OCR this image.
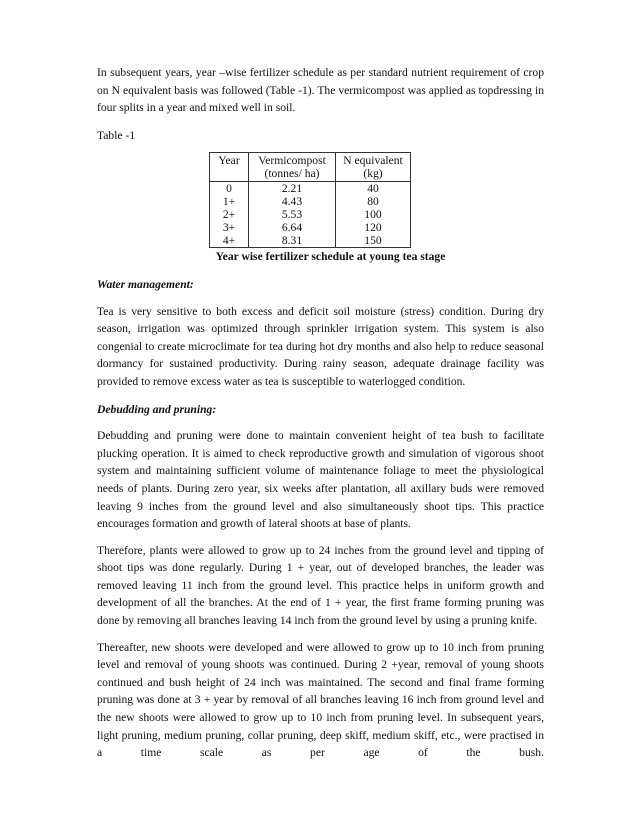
In subsequent years, year –wise fertilizer schedule as per standard nutrient requirement of crop on N equivalent basis was followed (Table -1). The vermicompost was applied as topdressing in four splits in a year and mixed well in soil.

Table -1

Year	Vermicompost (tonnes/ ha)	N equivalent (kg)
0	2.21	40
1+	4.43	80
2+	5.53	100
3+	6.64	120
4+	8.31	150

Year wise fertilizer schedule at young tea stage

Water management:

Tea is very sensitive to both excess and deficit soil moisture (stress) condition. During dry season, irrigation was optimized through sprinkler irrigation system. This system is also congenial to create microclimate for tea during hot dry months and also help to reduce seasonal dormancy for sustained productivity. During rainy season, adequate drainage facility was provided to remove excess water as tea is susceptible to waterlogged condition.

Debudding and pruning:

Debudding and pruning were done to maintain convenient height of tea bush to facilitate plucking operation. It is aimed to check reproductive growth and simulation of vigorous shoot system and maintaining sufficient volume of maintenance foliage to meet the physiological needs of plants. During zero year, six weeks after plantation, all axillary buds were removed leaving 9 inches from the ground level and also simultaneously shoot tips. This practice encourages formation and growth of lateral shoots at base of plants.

Therefore, plants were allowed to grow up to 24 inches from the ground level and tipping of shoot tips was done regularly. During 1 + year, out of developed branches, the leader was removed leaving 11 inch from the ground level. This practice helps in uniform growth and development of all the branches. At the end of 1 + year, the first frame forming pruning was done by removing all branches leaving 14 inch from the ground level by using a pruning knife.

Thereafter, new shoots were developed and were allowed to grow up to 10 inch from pruning level and removal of young shoots was continued. During 2 +year, removal of young shoots continued and bush height of 24 inch was maintained. The second and final frame forming pruning was done at 3 + year by removal of all branches leaving 16 inch from ground level and the new shoots were allowed to grow up to 10 inch from pruning level. In subsequent years, light pruning, medium pruning, collar pruning, deep skiff, medium skiff, etc., were practised in a time scale as per age of the bush.
